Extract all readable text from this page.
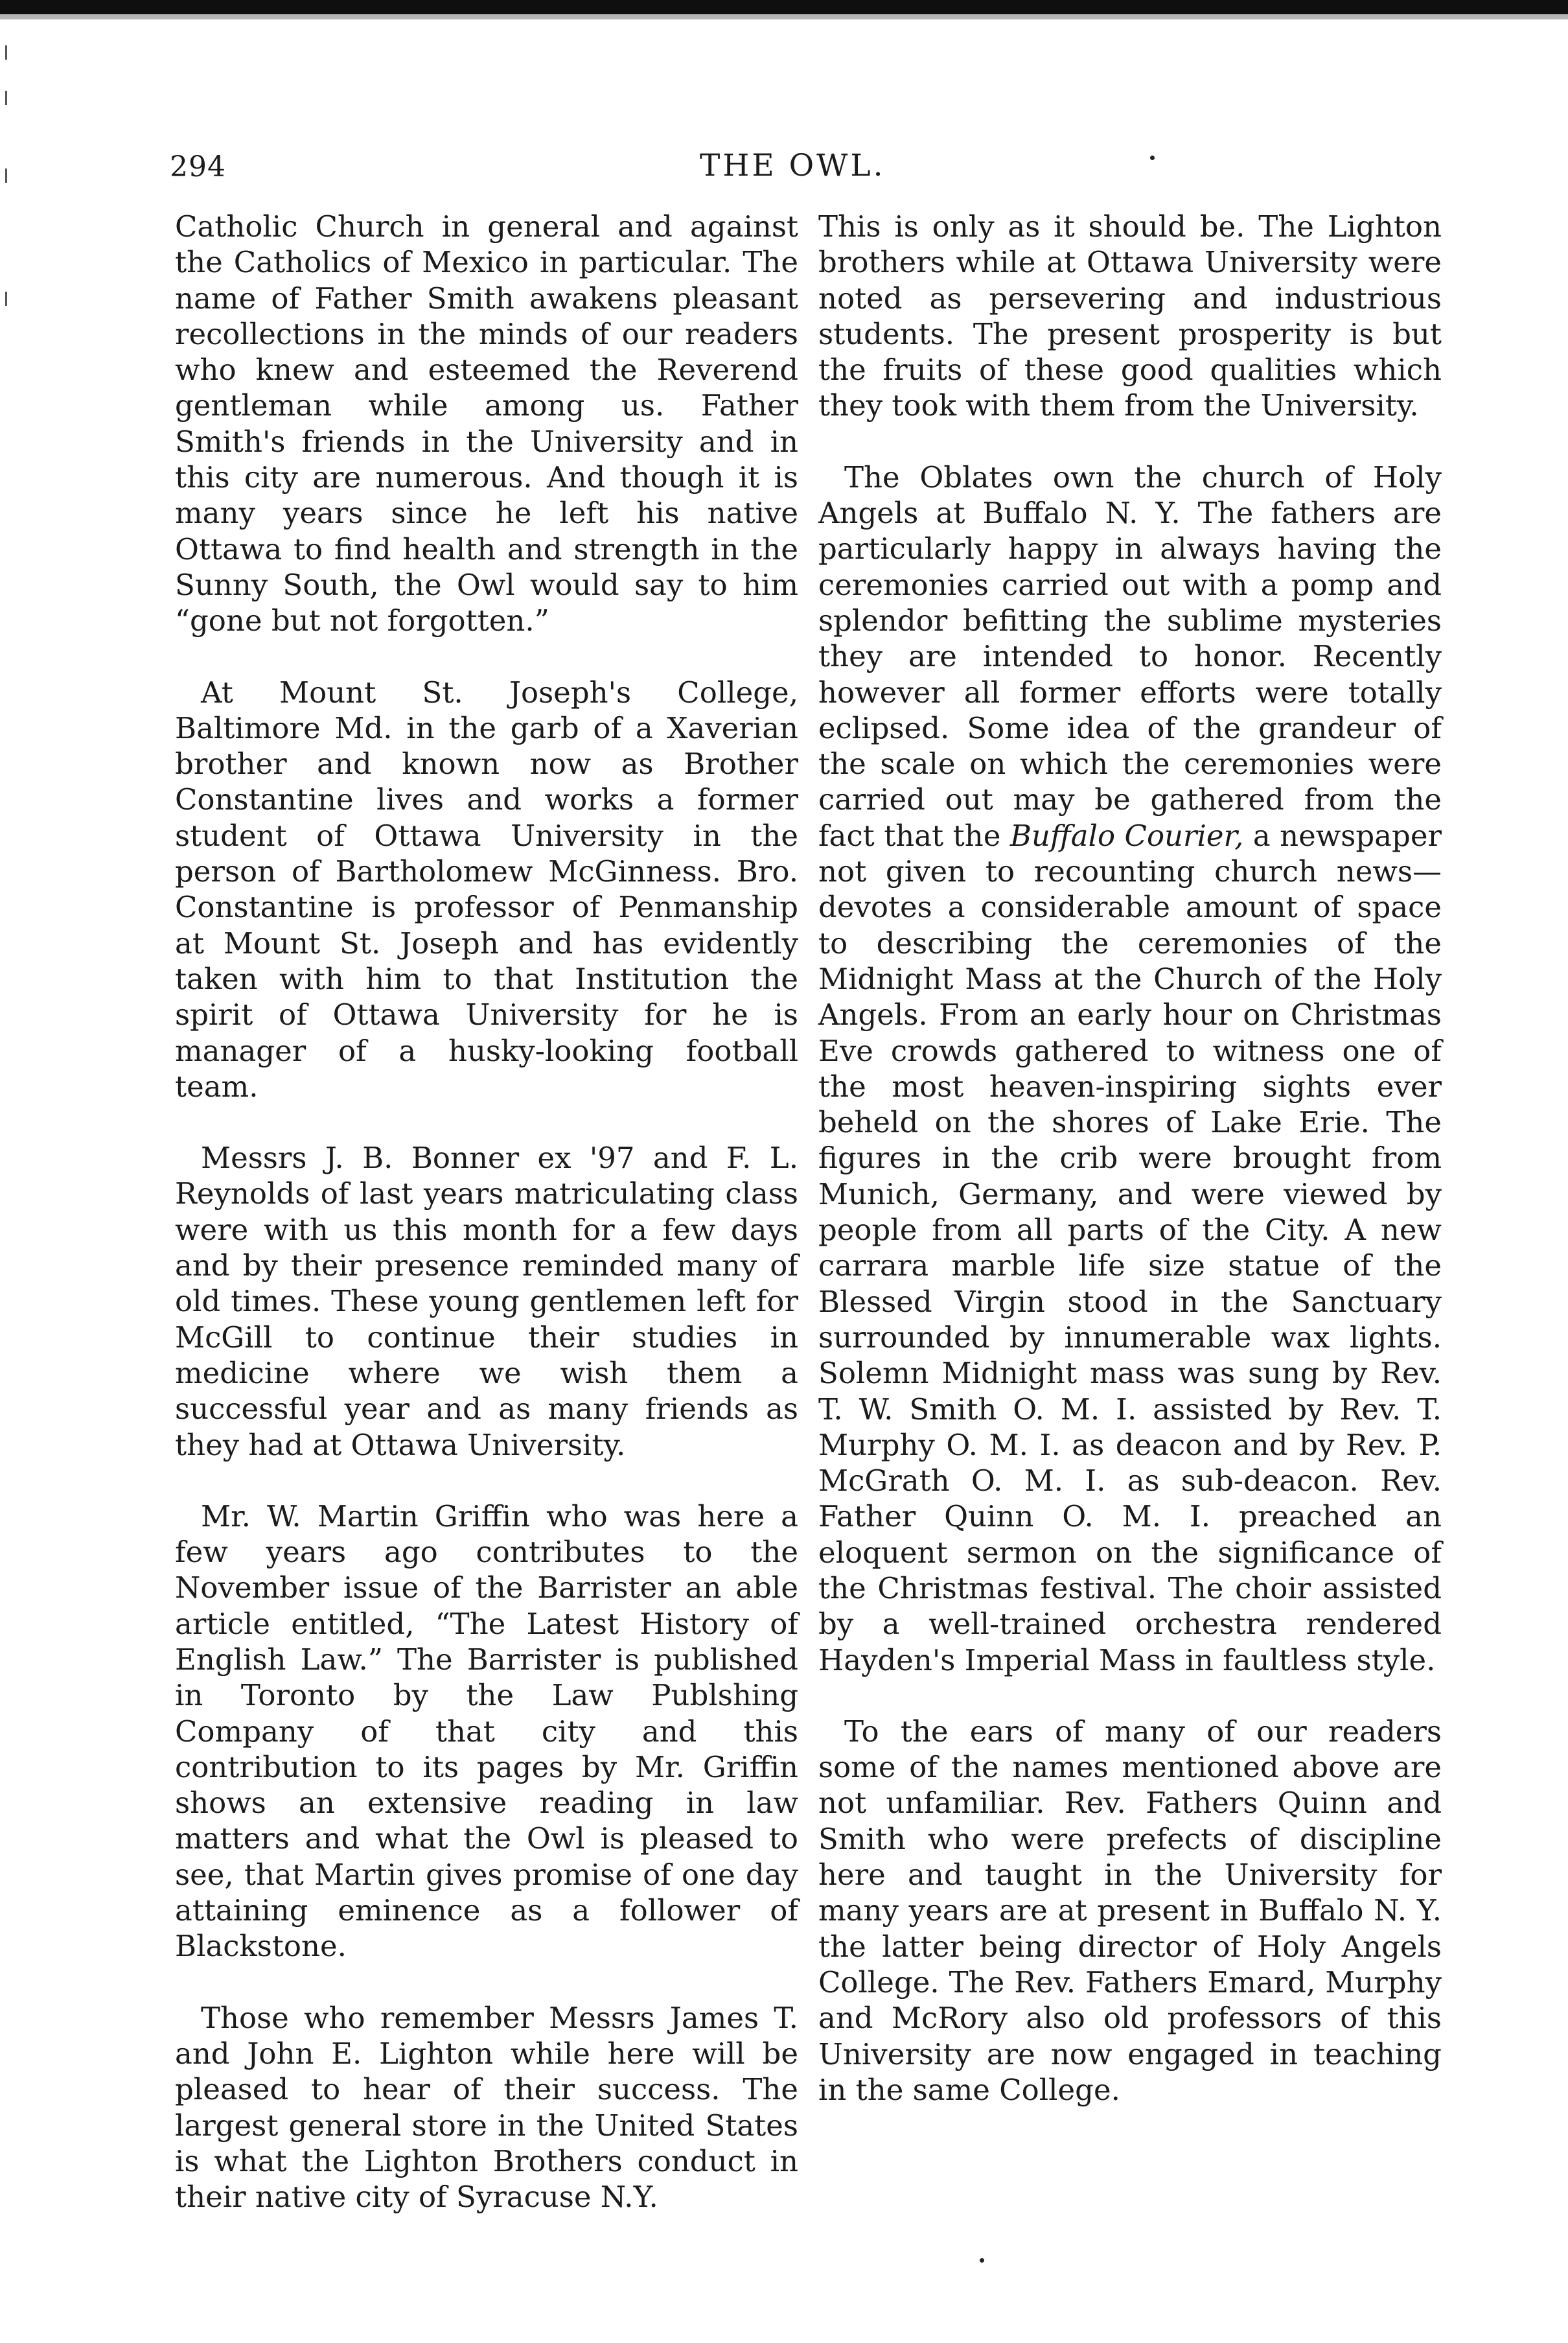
294	THE OWL.

Catholic Church in general and against the Catholics of Mexico in particular. The name of Father Smith awakens pleasant recollections in the minds of our readers who knew and esteemed the Reverend gentleman while among us. Father Smith's friends in the University and in this city are numerous. And though it is many years since he left his native Ottawa to find health and strength in the Sunny South, the Owl would say to him “gone but not forgotten.”

At Mount St. Joseph's College, Baltimore Md. in the garb of a Xaverian brother and known now as Brother Constantine lives and works a former student of Ottawa University in the person of Bartholomew McGinness. Bro. Constantine is professor of Penmanship at Mount St. Joseph and has evidently taken with him to that Institution the spirit of Ottawa University for he is manager of a husky-looking football team.

Messrs J. B. Bonner ex '97 and F. L. Reynolds of last years matriculating class were with us this month for a few days and by their presence reminded many of old times. These young gentlemen left for McGill to continue their studies in medicine where we wish them a successful year and as many friends as they had at Ottawa University.

Mr. W. Martin Griffin who was here a few years ago contributes to the November issue of the Barrister an able article entitled, “The Latest History of English Law.” The Barrister is published in Toronto by the Law Publshing Company of that city and this contribution to its pages by Mr. Griffin shows an extensive reading in law matters and what the Owl is pleased to see, that Martin gives promise of one day attaining eminence as a follower of Blackstone.

Those who remember Messrs James T. and John E. Lighton while here will be pleased to hear of their success. The largest general store in the United States is what the Lighton Brothers conduct in their native city of Syracuse N.Y.

This is only as it should be. The Lighton brothers while at Ottawa University were noted as persevering and industrious students. The present prosperity is but the fruits of these good qualities which they took with them from the University.

The Oblates own the church of Holy Angels at Buffalo N. Y. The fathers are particularly happy in always having the ceremonies carried out with a pomp and splendor befitting the sublime mysteries they are intended to honor. Recently however all former efforts were totally eclipsed. Some idea of the grandeur of the scale on which the ceremonies were carried out may be gathered from the fact that the Buffalo Courier, a newspaper not given to recounting church news—devotes a considerable amount of space to describing the ceremonies of the Midnight Mass at the Church of the Holy Angels. From an early hour on Christmas Eve crowds gathered to witness one of the most heaven-inspiring sights ever beheld on the shores of Lake Erie. The figures in the crib were brought from Munich, Germany, and were viewed by people from all parts of the City. A new carrara marble life size statue of the Blessed Virgin stood in the Sanctuary surrounded by innumerable wax lights. Solemn Midnight mass was sung by Rev. T. W. Smith O. M. I. assisted by Rev. T. Murphy O. M. I. as deacon and by Rev. P. McGrath O. M. I. as sub-deacon. Rev. Father Quinn O. M. I. preached an eloquent sermon on the significance of the Christmas festival. The choir assisted by a well-trained orchestra rendered Hayden's Imperial Mass in faultless style.

To the ears of many of our readers some of the names mentioned above are not unfamiliar. Rev. Fathers Quinn and Smith who were prefects of discipline here and taught in the University for many years are at present in Buffalo N. Y. the latter being director of Holy Angels College. The Rev. Fathers Emard, Murphy and McRory also old professors of this University are now engaged in teaching in the same College.
